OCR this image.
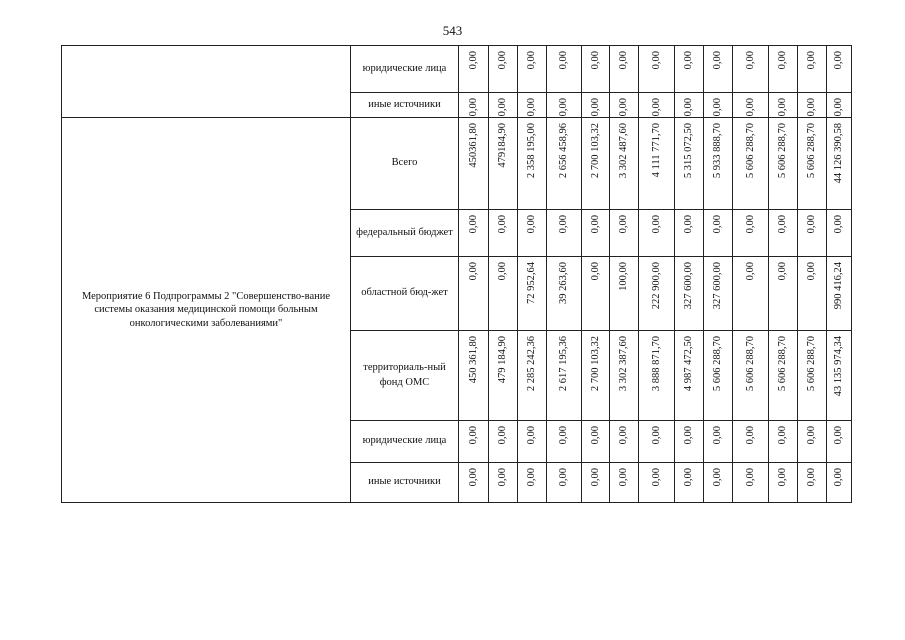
543
	юридические лица	0,00	0,00	0,00	0,00	0,00	0,00	0,00	0,00	0,00	0,00	0,00	0,00	0,00

	иные источники	0,00	0,00	0,00	0,00	0,00	0,00	0,00	0,00	0,00	0,00	0,00	0,00	0,00

Мероприятие 6 Подпрограммы 2 "Совершенство-вание системы оказания медицинской помощи больным онкологическими заболеваниями"	Всего	450361,80	479184,90	2 358 195,00	2 656 458,96	2 700 103,32	3 302 487,60	4 111 771,70	5 315 072,50	5 933 888,70	5 606 288,70	5 606 288,70	5 606 288,70	44 126 390,58

	федеральный бюджет	0,00	0,00	0,00	0,00	0,00	0,00	0,00	0,00	0,00	0,00	0,00	0,00	0,00

	областной бюд-жет	0,00	0,00	72 952,64	39 263,60	0,00	100,00	222 900,00	327 600,00	327 600,00	0,00	0,00	0,00	990 416,24

	территориаль-ный фонд ОМС	450 361,80	479 184,90	2 285 242,36	2 617 195,36	2 700 103,32	3 302 387,60	3 888 871,70	4 987 472,50	5 606 288,70	5 606 288,70	5 606 288,70	5 606 288,70	43 135 974,34

	юридические лица	0,00	0,00	0,00	0,00	0,00	0,00	0,00	0,00	0,00	0,00	0,00	0,00	0,00

	иные источники	0,00	0,00	0,00	0,00	0,00	0,00	0,00	0,00	0,00	0,00	0,00	0,00	0,00
